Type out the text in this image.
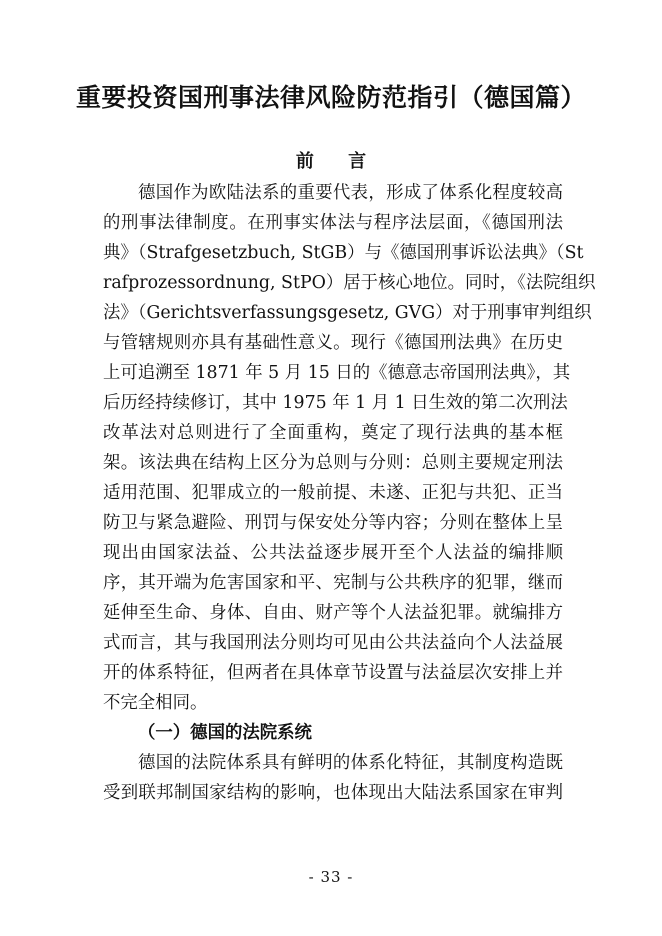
重要投资国刑事法律风险防范指引（德国篇）
前 言
德国作为欧陆法系的重要代表，形成了体系化程度较高
的刑事法律制度。在刑事实体法与程序法层面，《德国刑法
典》（Strafgesetzbuch, StGB）与《德国刑事诉讼法典》（St
rafprozessordnung, StPO）居于核心地位。同时，《法院组织
法》（Gerichtsverfassungsgesetz, GVG）对于刑事审判组织
与管辖规则亦具有基础性意义。现行《德国刑法典》在历史
上可追溯至 1871 年 5 月 15 日的《德意志帝国刑法典》，其
后历经持续修订，其中 1975 年 1 月 1 日生效的第二次刑法
改革法对总则进行了全面重构，奠定了现行法典的基本框
架。该法典在结构上区分为总则与分则：总则主要规定刑法
适用范围、犯罪成立的一般前提、未遂、正犯与共犯、正当
防卫与紧急避险、刑罚与保安处分等内容；分则在整体上呈
现出由国家法益、公共法益逐步展开至个人法益的编排顺
序，其开端为危害国家和平、宪制与公共秩序的犯罪，继而
延伸至生命、身体、自由、财产等个人法益犯罪。就编排方
式而言，其与我国刑法分则均可见由公共法益向个人法益展
开的体系特征，但两者在具体章节设置与法益层次安排上并
不完全相同。
（一）德国的法院系统
德国的法院体系具有鲜明的体系化特征，其制度构造既
受到联邦制国家结构的影响，也体现出大陆法系国家在审判
- 33 -
